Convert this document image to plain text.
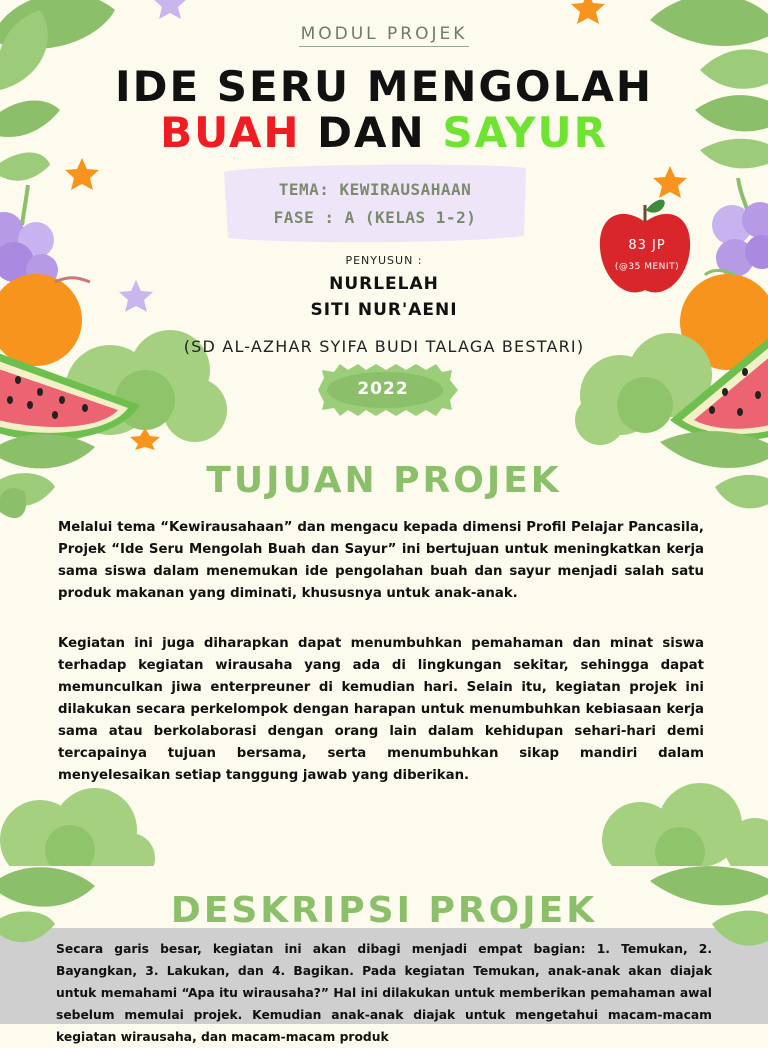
MODUL PROJEK
IDE SERU MENGOLAH
BUAH DAN SAYUR
TEMA: KEWIRAUSAHAAN
FASE : A (KELAS 1-2)
PENYUSUN :
NURLELAH
SITI NUR'AENI
(SD AL-AZHAR SYIFA BUDI TALAGA BESTARI)
2022
83 JP
(@35 MENIT)
TUJUAN PROJEK
Melalui tema “Kewirausahaan” dan mengacu kepada dimensi Profil Pelajar Pancasila, Projek “Ide Seru Mengolah Buah dan Sayur” ini bertujuan untuk meningkatkan kerja sama siswa dalam menemukan ide pengolahan buah dan sayur menjadi salah satu produk makanan yang diminati, khususnya untuk anak-anak.
Kegiatan ini juga diharapkan dapat menumbuhkan pemahaman dan minat siswa terhadap kegiatan wirausaha yang ada di lingkungan sekitar, sehingga dapat memunculkan jiwa enterpreuner di kemudian hari. Selain itu, kegiatan projek ini dilakukan secara perkelompok dengan harapan untuk menumbuhkan kebiasaan kerja sama atau berkolaborasi dengan orang lain dalam kehidupan sehari-hari demi tercapainya tujuan bersama, serta menumbuhkan sikap mandiri dalam menyelesaikan setiap tanggung jawab yang diberikan.
DESKRIPSI PROJEK
Secara garis besar, kegiatan ini akan dibagi menjadi empat bagian: 1. Temukan, 2. Bayangkan, 3. Lakukan, dan 4. Bagikan. Pada kegiatan Temukan, anak-anak akan diajak untuk memahami “Apa itu wirausaha?” Hal ini dilakukan untuk memberikan pemahaman awal sebelum memulai projek. Kemudian anak-anak diajak untuk mengetahui macam-macam kegiatan wirausaha, dan macam-macam produk
